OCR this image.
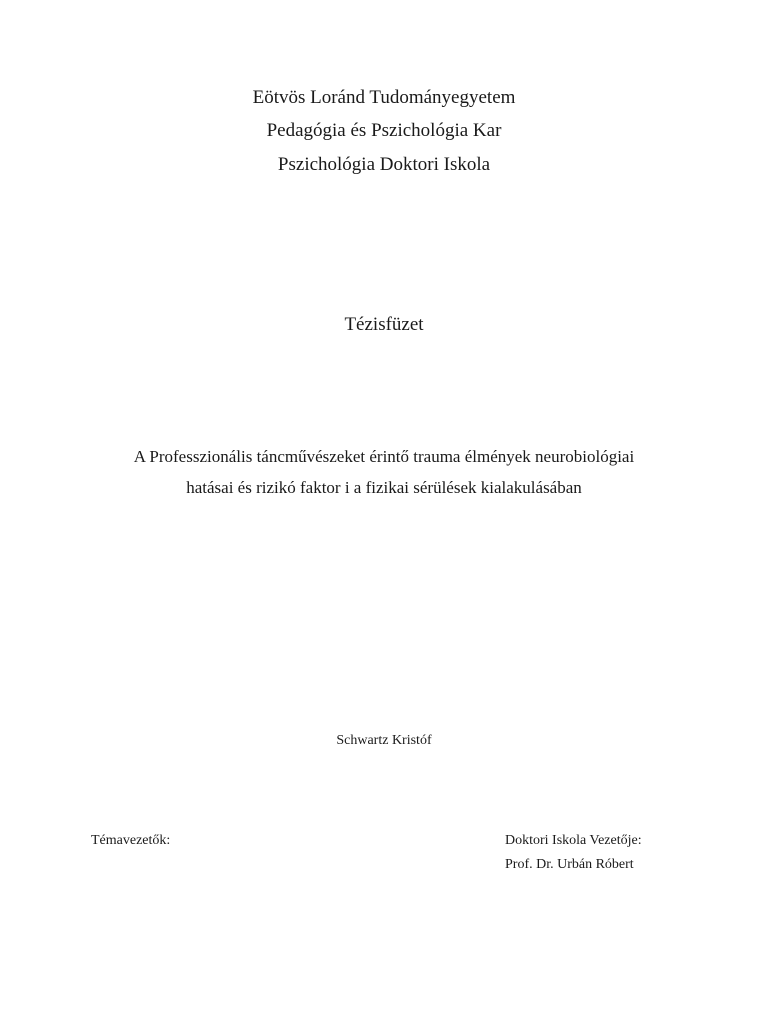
Eötvös Loránd Tudományegyetem
Pedagógia és Pszichológia Kar
Pszichológia Doktori Iskola
Tézisfüzet
A Professzionális táncművészeket érintő trauma élmények neurobiológiai
hatásai és rizikó faktor i a fizikai sérülések kialakulásában
Schwartz Kristóf
Témavezetők:	Doktori Iskola Vezetője:
Prof. Dr. Urbán Róbert
